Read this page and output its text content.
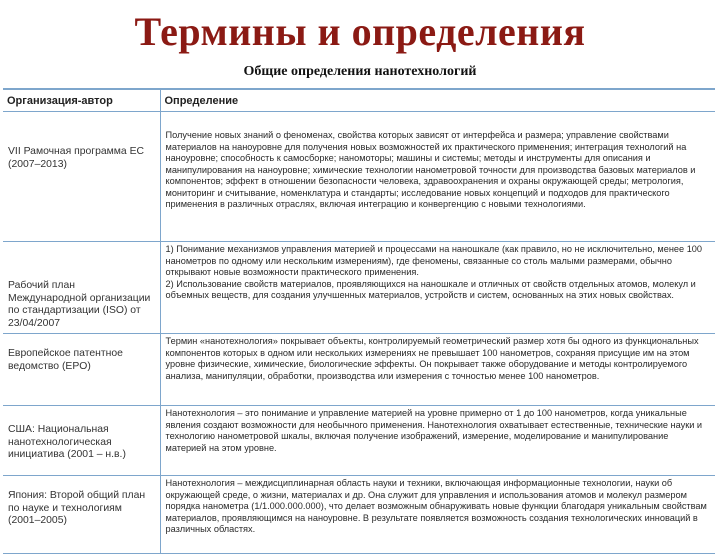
Термины и определения
Общие определения нанотехнологий
Организация-автор	Определение
VII Рамочная программа ЕС (2007–2013)	Получение новых знаний о феноменах, свойства которых зависят от интерфейса и размера; управление свойствами материалов на наноуровне для получения новых возможностей их практического применения; интеграция технологий на наноуровне; способность к самосборке; наномоторы; машины и системы; методы и инструменты для описания и манипулирования на наноуровне; химические технологии нанометровой точности для производства базовых материалов и компонентов; эффект в отношении безопасности человека, здравоохранения и охраны окружающей среды; метрология, мониторинг и считывание, номенклатура и стандарты; исследование новых концепций и подходов для практического применения в различных отраслях, включая интеграцию и конвергенцию с новыми технологиями.
Рабочий план Международной организации по стандартизации (ISO) от 23/04/2007	1) Понимание механизмов управления материей и процессами на наношкале (как правило, но не исключительно, менее 100 нанометров по одному или нескольким измерениям), где феномены, связанные со столь малыми размерами, обычно открывают новые возможности практического применения.
2) Использование свойств материалов, проявляющихся на наношкале и отличных от свойств отдельных атомов, молекул и объемных веществ, для создания улучшенных материалов, устройств и систем, основанных на этих новых свойствах.

Европейское патентное ведомство (EPO)	Термин «нанотехнология» покрывает объекты, контролируемый геометрический размер хотя бы одного из функциональных компонентов которых в одном или нескольких измерениях не превышает 100 нанометров, сохраняя присущие им на этом уровне физические, химические, биологические эффекты. Он покрывает также оборудование и методы контролируемого анализа, манипуляции, обработки, производства или измерения с точностью менее 100 нанометров.
США: Национальная нанотехнологическая инициатива (2001 – н.в.)	Нанотехнология – это понимание и управление материей на уровне примерно от 1 до 100 нанометров, когда уникальные явления создают возможности для необычного применения. Нанотехнология охватывает естественные, технические науки и технологию нанометровой шкалы, включая получение изображений, измерение, моделирование и манипулирование материей на этом уровне.
Япония: Второй общий план по науке и технологиям (2001–2005)	Нанотехнология – междисциплинарная область науки и техники, включающая информационные технологии, науки об окружающей среде, о жизни, материалах и др. Она служит для управления и использования атомов и молекул размером порядка нанометра (1/1.000.000.000), что делает возможным обнаруживать новые функции благодаря уникальным свойствам материалов, проявляющимся на наноуровне. В результате появляется возможность создания технологических инноваций в различных областях.
